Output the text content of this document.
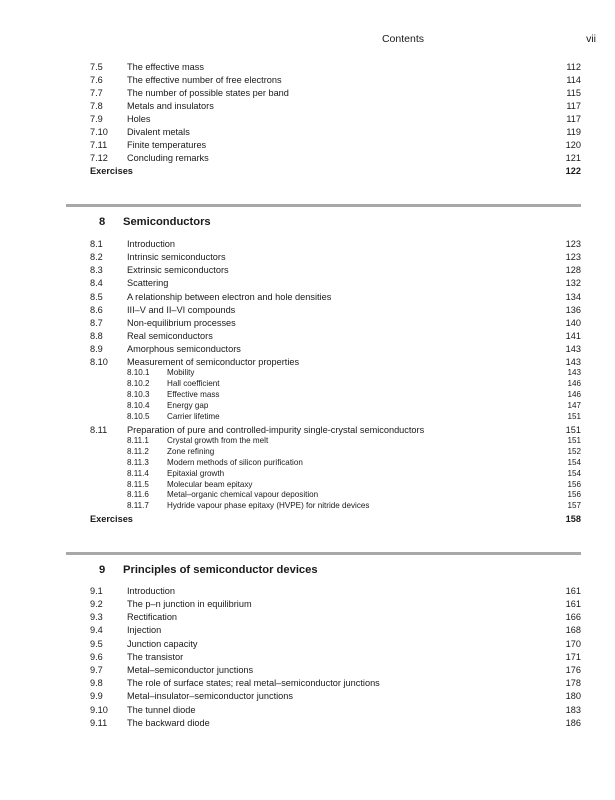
Contents	vii
7.5	The effective mass	112
7.6	The effective number of free electrons	114
7.7	The number of possible states per band	115
7.8	Metals and insulators	117
7.9	Holes	117
7.10 Divalent metals	119
7.11 Finite temperatures	120
7.12 Concluding remarks	121
Exercises	122
8 Semiconductors
8.1	Introduction	123
8.2	Intrinsic semiconductors	123
8.3	Extrinsic semiconductors	128
8.4	Scattering	132
8.5	A relationship between electron and hole densities	134
8.6	III–V and II–VI compounds	136
8.7	Non-equilibrium processes	140
8.8	Real semiconductors	141
8.9	Amorphous semiconductors	143
8.10 Measurement of semiconductor properties	143
8.10.1 Mobility	143
8.10.2 Hall coefficient	146
8.10.3 Effective mass	146
8.10.4 Energy gap	147
8.10.5 Carrier lifetime	151
8.11 Preparation of pure and controlled-impurity single-crystal semiconductors	151
8.11.1 Crystal growth from the melt	151
8.11.2 Zone refining	152
8.11.3 Modern methods of silicon purification	154
8.11.4 Epitaxial growth	154
8.11.5 Molecular beam epitaxy	156
8.11.6 Metal–organic chemical vapour deposition	156
8.11.7 Hydride vapour phase epitaxy (HVPE) for nitride devices	157
Exercises	158
9 Principles of semiconductor devices
9.1	Introduction	161
9.2	The p–n junction in equilibrium	161
9.3	Rectification	166
9.4	Injection	168
9.5	Junction capacity	170
9.6	The transistor	171
9.7	Metal–semiconductor junctions	176
9.8	The role of surface states; real metal–semiconductor junctions	178
9.9	Metal–insulator–semiconductor junctions	180
9.10 The tunnel diode	183
9.11 The backward diode	186
